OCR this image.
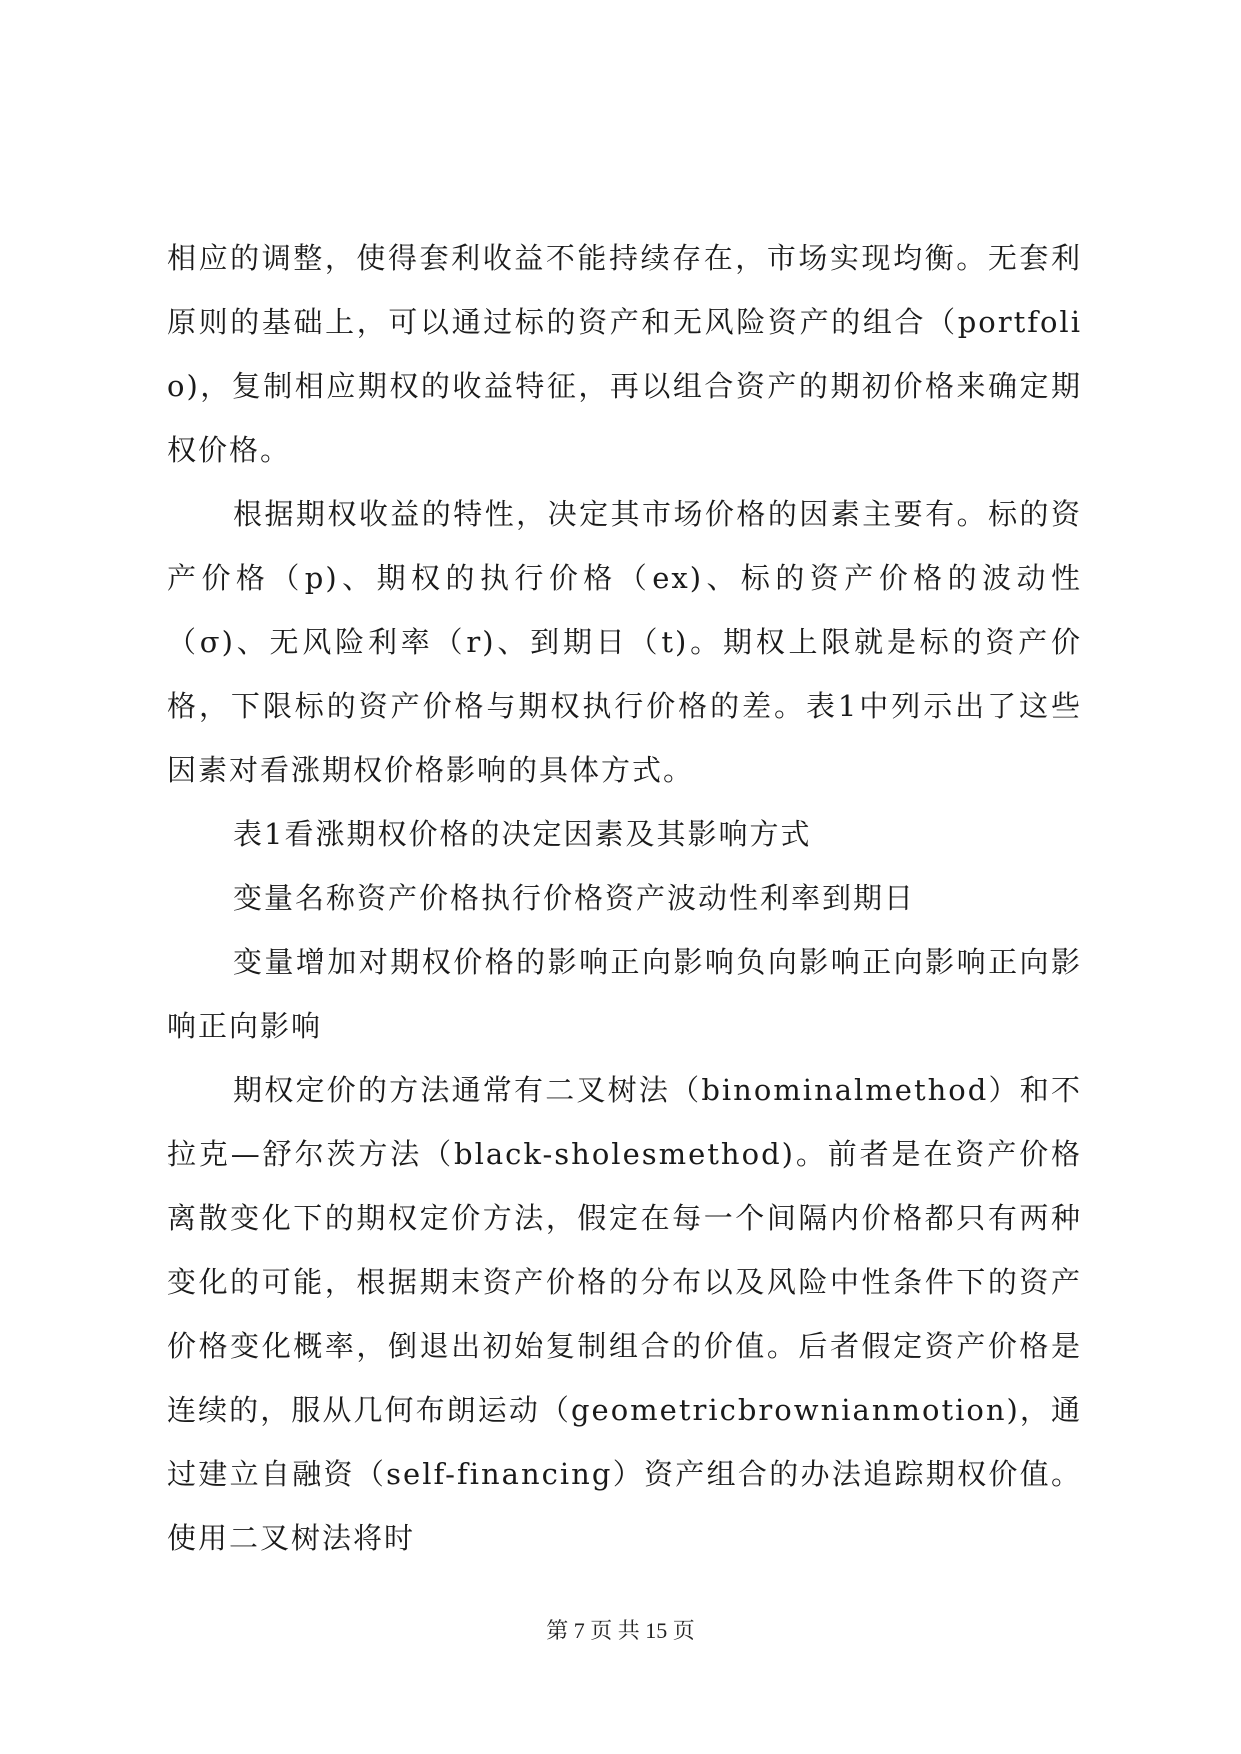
相应的调整，使得套利收益不能持续存在，市场实现均衡。无套利原则的基础上，可以通过标的资产和无风险资产的组合（portfolio)，复制相应期权的收益特征，再以组合资产的期初价格来确定期权价格。

根据期权收益的特性，决定其市场价格的因素主要有。标的资产价格（p)、期权的执行价格（ex)、标的资产价格的波动性（σ)、无风险利率（r)、到期日（t)。期权上限就是标的资产价格，下限标的资产价格与期权执行价格的差。表1中列示出了这些因素对看涨期权价格影响的具体方式。

表1看涨期权价格的决定因素及其影响方式

变量名称资产价格执行价格资产波动性利率到期日

变量增加对期权价格的影响正向影响负向影响正向影响正向影响正向影响

期权定价的方法通常有二叉树法（binominalmethod）和不拉克—舒尔茨方法（black-sholesmethod)。前者是在资产价格离散变化下的期权定价方法，假定在每一个间隔内价格都只有两种变化的可能，根据期末资产价格的分布以及风险中性条件下的资产价格变化概率，倒退出初始复制组合的价值。后者假定资产价格是连续的，服从几何布朗运动（geometricbrownianmotion)，通过建立自融资（self-financing）资产组合的办法追踪期权价值。使用二叉树法将时

第 7 页 共 15 页
